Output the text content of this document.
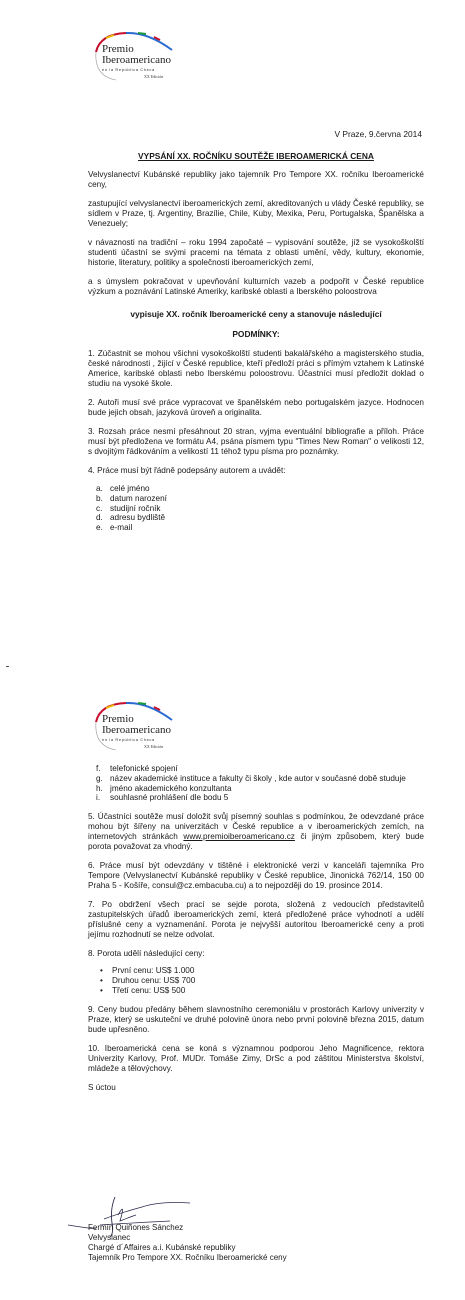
Premio
Iberoamericano
en la República Checa
XX Edición
V Praze, 9.června 2014
VYPSÁNÍ XX. ROČNÍKU SOUTĚŽE IBEROAMERICKÁ CENA

Velvyslanectví Kubánské republiky jako tajemník Pro Tempore XX. ročníku Iberoamerické ceny,

zastupující velvyslanectví iberoamerických zemí, akreditovaných u vlády České republiky, se sídlem v Praze, tj. Argentiny, Brazílie, Chile, Kuby, Mexika, Peru, Portugalska, Španělska a Venezuely;

v návaznosti na tradiční – roku 1994 započaté – vypisování soutěže, jíž se vysokoškolští studenti účastní se svými pracemi na témata z oblasti umění, vědy, kultury, ekonomie, historie, literatury, politiky a společnosti iberoamerických zemí,

a s úmyslem pokračovat v upevňování kulturních vazeb a podpořit v České republice výzkum a poznávání Latinské Ameriky, karibské oblasti a Iberského poloostrova

vypisuje XX. ročník Iberoamerické ceny a stanovuje následující

PODMÍNKY:

1. Zúčastnit se mohou všichni vysokoškolští studenti bakalářského a magisterského studia, české národnosti , žijící v České republice, kteří předloží práci s přímým vztahem k Latinské Americe, karibské oblasti nebo Iberskému poloostrovu. Účastníci musí předložit doklad o studiu na vysoké škole.

2. Autoři musí své práce vypracovat ve španělském nebo portugalském jazyce. Hodnocen bude jejich obsah, jazyková úroveň a originalita.

3. Rozsah práce nesmí přesáhnout 20 stran, vyjma eventuální bibliografie a příloh. Práce musí být předložena ve formátu A4, psána písmem typu "Times New Roman" o velikosti 12, s dvojitým řádkováním a velikostí 11 téhož typu písma pro poznámky.

4. Práce musí být řádně podepsány autorem a uvádět:

a. celé jméno
b. datum narození
c. studijní ročník
d. adresu bydliště
e. e-mail
Premio
Iberoamericano
en la República Checa
XX Edición
f. telefonické spojení
g. název akademické instituce a fakulty či školy , kde autor v současné době studuje
h. jméno akademického konzultanta
i. souhlasné prohlášení dle bodu 5

5. Účastníci soutěže musí doložit svůj písemný souhlas s podmínkou, že odevzdané práce mohou být šířeny na univerzitách v České republice a v iberoamerických zemích, na internetových stránkách www.premioiberoamericano.cz či jiným způsobem, který bude porota považovat za vhodný.

6. Práce musí být odevzdány v tištěné i elektronické verzi v kanceláři tajemníka Pro Tempore (Velvyslanectví Kubánské republiky v České republice, Jinonická 762/14, 150 00 Praha 5 - Košíře, consul@cz.embacuba.cu) a to nejpozději do 19. prosince 2014.

7. Po obdržení všech prací se sejde porota, složená z vedoucích představitelů zastupitelských úřadů iberoamerických zemí, která předložené práce vyhodnotí a udělí příslušné ceny a vyznamenání. Porota je nejvyšší autoritou Iberoamerické ceny a proti jejímu rozhodnutí se nelze odvolat.

8. Porota udělí následující ceny:

• První cenu: US$ 1.000
• Druhou cenu: US$ 700
• Třetí cenu: US$ 500

9. Ceny budou předány během slavnostního ceremoniálu v prostorách Karlovy univerzity v Praze, který se uskuteční ve druhé polovině února nebo první polovině března 2015, datum bude upřesněno.

10. Iberoamerická cena se koná s významnou podporou Jeho Magnificence, rektora Univerzity Karlovy, Prof. MUDr. Tomáše Zimy, DrSc a pod záštitou Ministerstva školství, mládeže a tělovýchovy.

S úctou

Fermín Quiñones Sánchez
Velvyslanec
Chargé d´Affaires a.i. Kubánské republiky
Tajemník Pro Tempore XX. Ročníku Iberoamerické ceny
